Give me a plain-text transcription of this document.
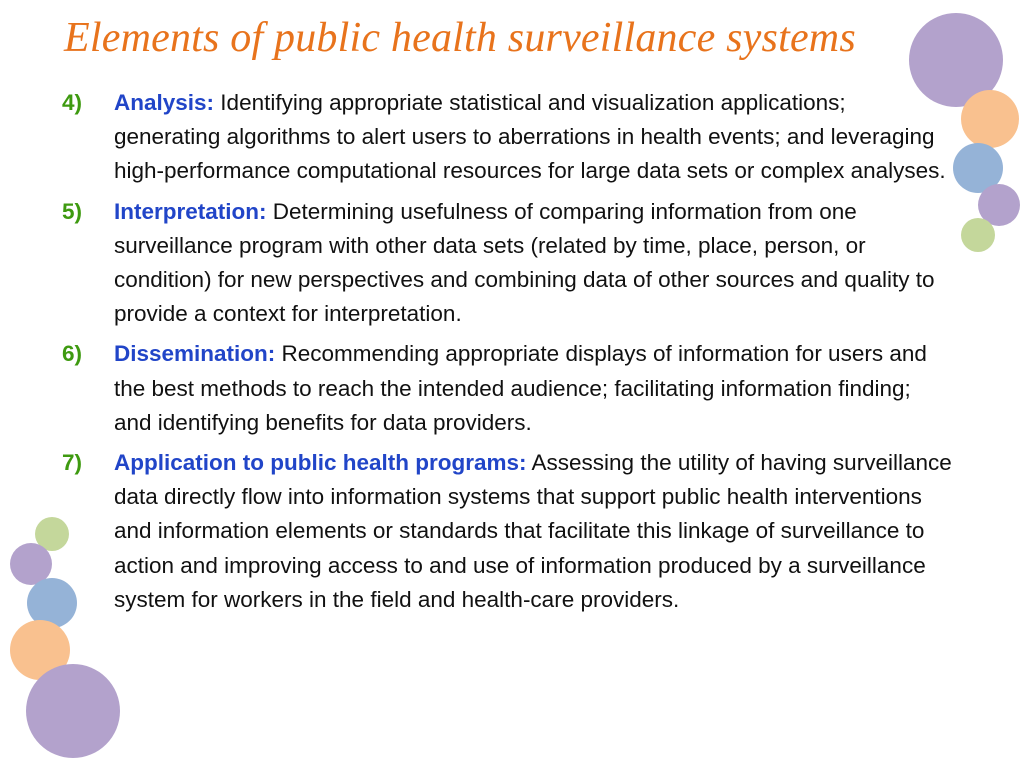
Elements of public health surveillance systems
4) Analysis: Identifying appropriate statistical and visualization applications; generating algorithms to alert users to aberrations in health events; and leveraging high-performance computational resources for large data sets or complex analyses.
5) Interpretation: Determining usefulness of comparing information from one surveillance program with other data sets (related by time, place, person, or condition) for new perspectives and combining data of other sources and quality to provide a context for interpretation.
6) Dissemination: Recommending appropriate displays of information for users and the best methods to reach the intended audience; facilitating information finding; and identifying benefits for data providers.
7) Application to public health programs: Assessing the utility of having surveillance data directly flow into information systems that support public health interventions and information elements or standards that facilitate this linkage of surveillance to action and improving access to and use of information produced by a surveillance system for workers in the field and health-care providers.
